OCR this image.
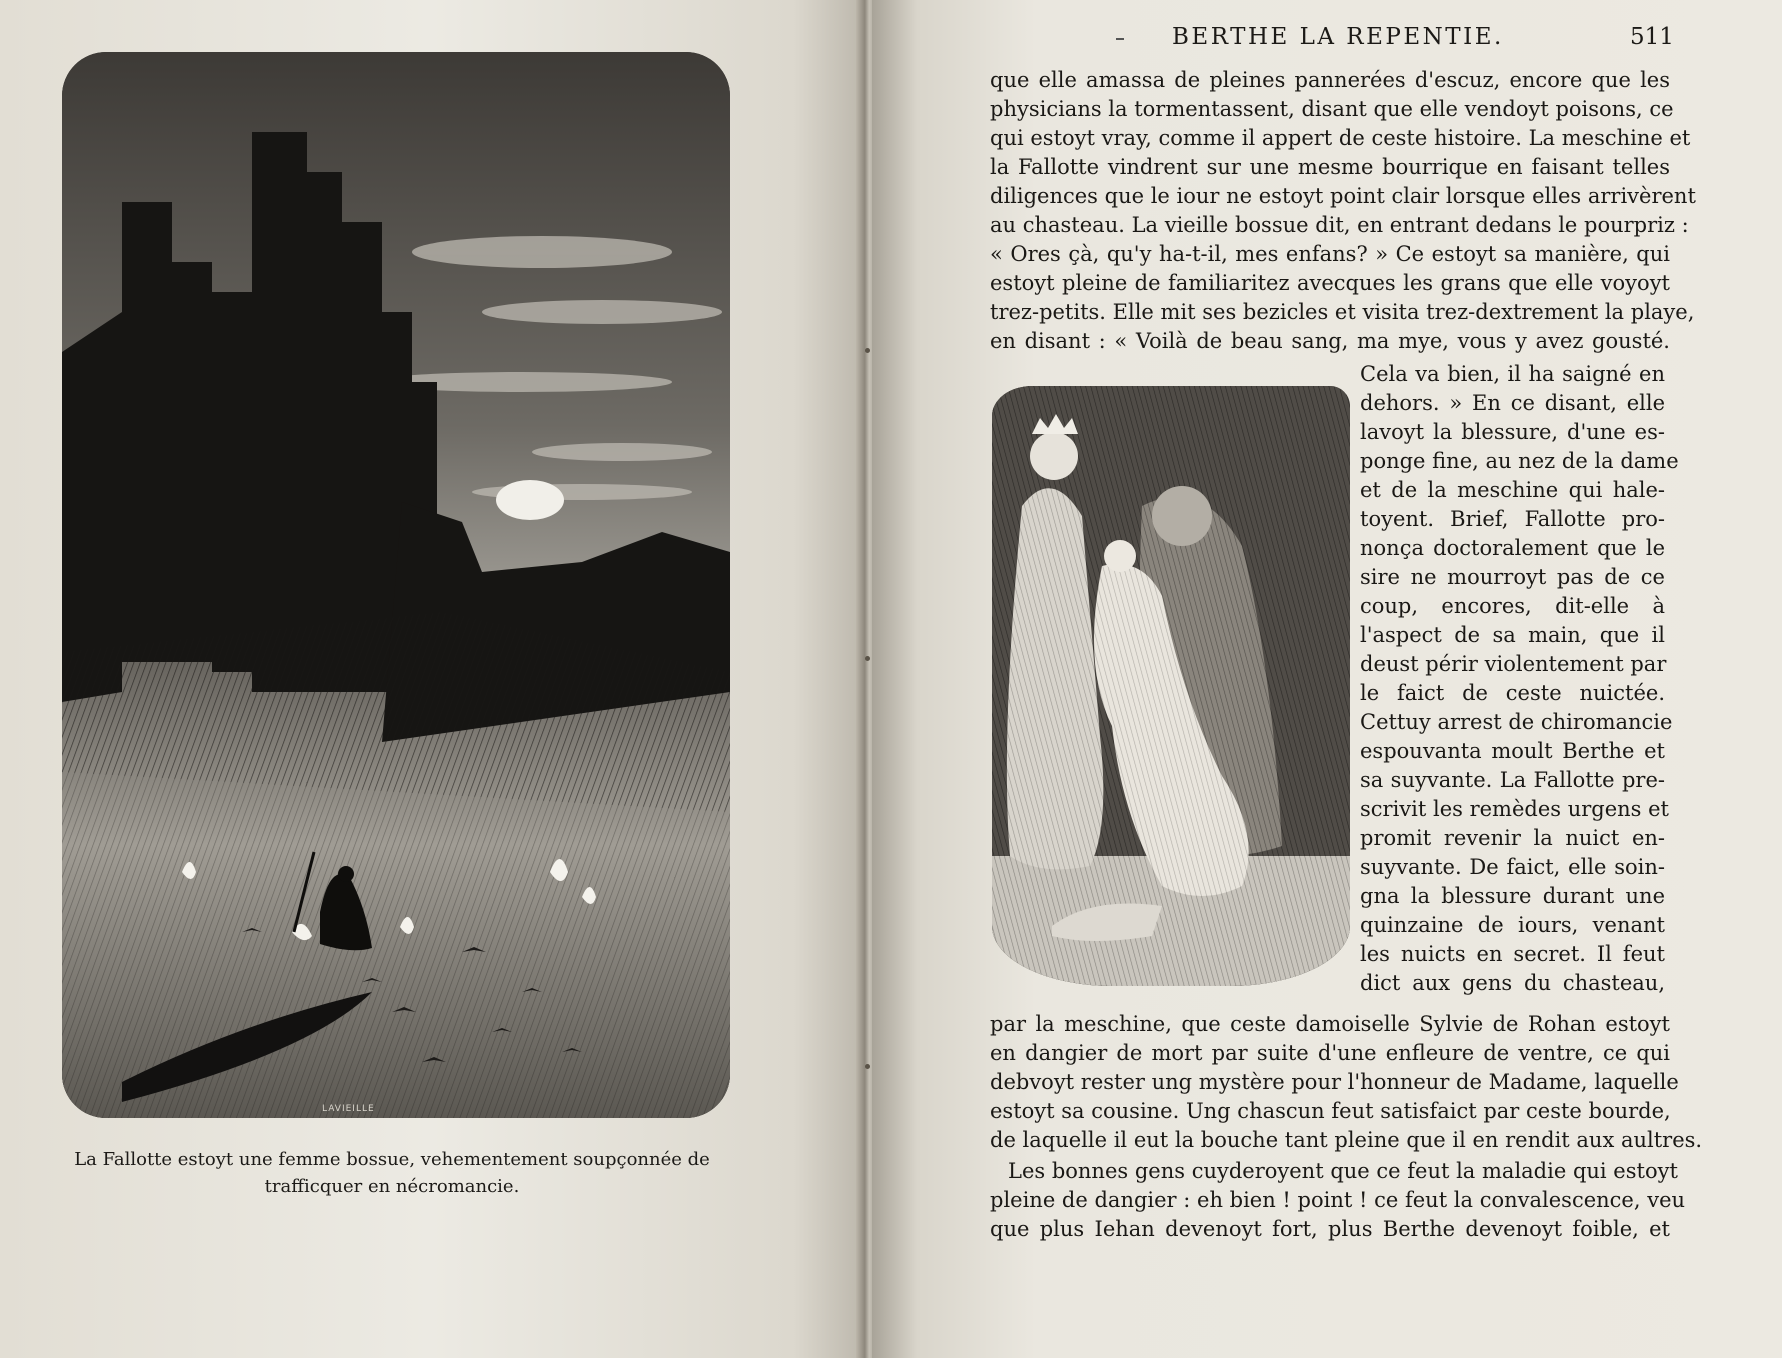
LAVIEILLE
La Fallotte estoyt une femme bossue, vehementement soupçonnée de
trafficquer en nécromancie.
BERTHE LA REPENTIE.	511
que elle amassa de pleines pannerées d'escuz, encore que les
physicians la tormentassent, disant que elle vendoyt poisons, ce
qui estoyt vray, comme il appert de ceste histoire. La meschine et
la Fallotte vindrent sur une mesme bourrique en faisant telles
diligences que le iour ne estoyt point clair lorsque elles arrivèrent
au chasteau. La vieille bossue dit, en entrant dedans le pourpriz :
« Ores çà, qu'y ha-t-il, mes enfans? » Ce estoyt sa manière, qui
estoyt pleine de familiaritez avecques les grans que elle voyoyt
trez-petits. Elle mit ses bezicles et visita trez-dextrement la playe,
en disant : « Voilà de beau sang, ma mye, vous y avez gousté.
Cela va bien, il ha saigné en
dehors. » En ce disant, elle
lavoyt la blessure, d'une es-
ponge fine, au nez de la dame
et de la meschine qui hale-
toyent. Brief, Fallotte pro-
nonça doctoralement que le
sire ne mourroyt pas de ce
coup, encores, dit-elle à
l'aspect de sa main, que il
deust périr violentement par
le faict de ceste nuictée.
Cettuy arrest de chiromancie
espouvanta moult Berthe et
sa suyvante. La Fallotte pre-
scrivit les remèdes urgens et
promit revenir la nuict en-
suyvante. De faict, elle soin-
gna la blessure durant une
quinzaine de iours, venant
les nuicts en secret. Il feut
dict aux gens du chasteau,
par la meschine, que ceste damoiselle Sylvie de Rohan estoyt
en dangier de mort par suite d'une enfleure de ventre, ce qui
debvoyt rester ung mystère pour l'honneur de Madame, laquelle
estoyt sa cousine. Ung chascun feut satisfaict par ceste bourde,
de laquelle il eut la bouche tant pleine que il en rendit aux aultres.
Les bonnes gens cuyderoyent que ce feut la maladie qui estoyt
pleine de dangier : eh bien ! point ! ce feut la convalescence, veu
que plus Iehan devenoyt fort, plus Berthe devenoyt foible, et
